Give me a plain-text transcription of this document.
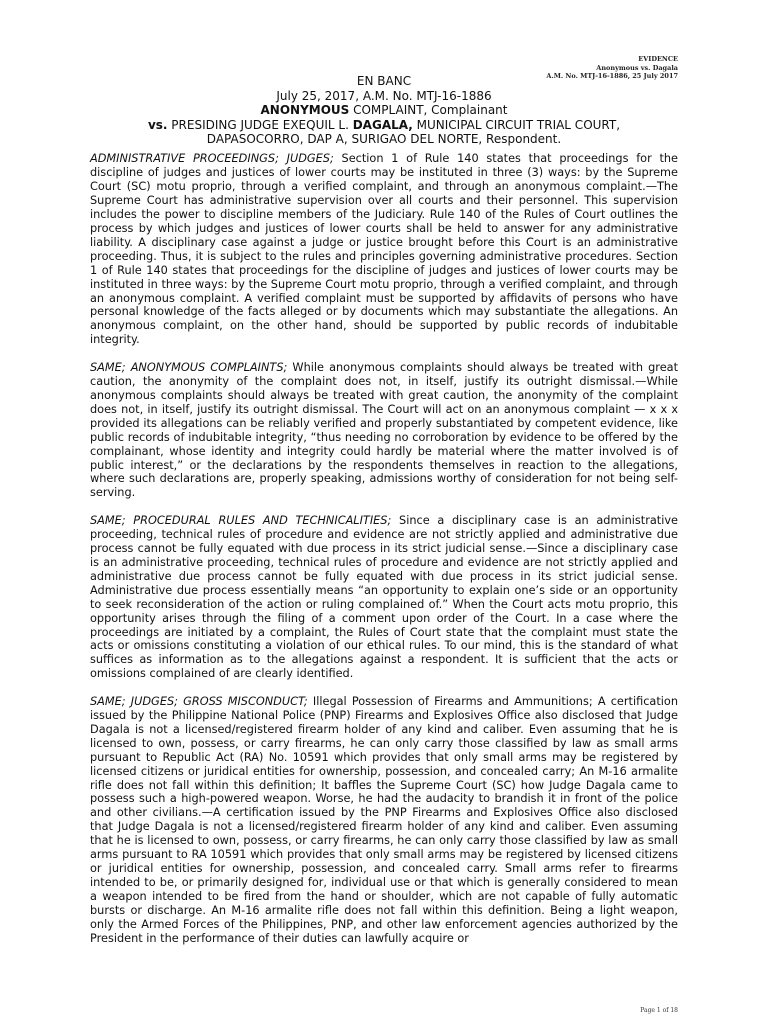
EVIDENCE
Anonymous vs. Dagala
A.M. No. MTJ-16-1886, 25 July 2017
EN BANC
July 25, 2017, A.M. No. MTJ-16-1886
ANONYMOUS COMPLAINT, Complainant
vs. PRESIDING JUDGE EXEQUIL L. DAGALA, MUNICIPAL CIRCUIT TRIAL COURT,
DAPASOCORRO, DAP A, SURIGAO DEL NORTE, Respondent.

ADMINISTRATIVE PROCEEDINGS; JUDGES; Section 1 of Rule 140 states that proceedings for the discipline of judges and justices of lower courts may be instituted in three (3) ways: by the Supreme Court (SC) motu proprio, through a verified complaint, and through an anonymous complaint.—The Supreme Court has administrative supervision over all courts and their personnel. This supervision includes the power to discipline members of the Judiciary. Rule 140 of the Rules of Court outlines the process by which judges and justices of lower courts shall be held to answer for any administrative liability. A disciplinary case against a judge or justice brought before this Court is an administrative proceeding. Thus, it is subject to the rules and principles governing administrative procedures. Section 1 of Rule 140 states that proceedings for the discipline of judges and justices of lower courts may be instituted in three ways: by the Supreme Court motu proprio, through a verified complaint, and through an anonymous complaint. A verified complaint must be supported by affidavits of persons who have personal knowledge of the facts alleged or by documents which may substantiate the allegations. An anonymous complaint, on the other hand, should be supported by public records of indubitable integrity.

SAME; ANONYMOUS COMPLAINTS; While anonymous complaints should always be treated with great caution, the anonymity of the complaint does not, in itself, justify its outright dismissal.—While anonymous complaints should always be treated with great caution, the anonymity of the complaint does not, in itself, justify its outright dismissal. The Court will act on an anonymous complaint — x x x provided its allegations can be reliably verified and properly substantiated by competent evidence, like public records of indubitable integrity, “thus needing no corroboration by evidence to be offered by the complainant, whose identity and integrity could hardly be material where the matter involved is of public interest,” or the declarations by the respondents themselves in reaction to the allegations, where such declarations are, properly speaking, admissions worthy of consideration for not being self-serving.

SAME; PROCEDURAL RULES AND TECHNICALITIES; Since a disciplinary case is an administrative proceeding, technical rules of procedure and evidence are not strictly applied and administrative due process cannot be fully equated with due process in its strict judicial sense.—Since a disciplinary case is an administrative proceeding, technical rules of procedure and evidence are not strictly applied and administrative due process cannot be fully equated with due process in its strict judicial sense. Administrative due process essentially means “an opportunity to explain one’s side or an opportunity to seek reconsideration of the action or ruling complained of.” When the Court acts motu proprio, this opportunity arises through the filing of a comment upon order of the Court. In a case where the proceedings are initiated by a complaint, the Rules of Court state that the complaint must state the acts or omissions constituting a violation of our ethical rules. To our mind, this is the standard of what suffices as information as to the allegations against a respondent. It is sufficient that the acts or omissions complained of are clearly identified.

SAME; JUDGES; GROSS MISCONDUCT; Illegal Possession of Firearms and Ammunitions; A certification issued by the Philippine National Police (PNP) Firearms and Explosives Office also disclosed that Judge Dagala is not a licensed/registered firearm holder of any kind and caliber. Even assuming that he is licensed to own, possess, or carry firearms, he can only carry those classified by law as small arms pursuant to Republic Act (RA) No. 10591 which provides that only small arms may be registered by licensed citizens or juridical entities for ownership, possession, and concealed carry; An M-16 armalite rifle does not fall within this definition; It baffles the Supreme Court (SC) how Judge Dagala came to possess such a high-powered weapon. Worse, he had the audacity to brandish it in front of the police and other civilians.—A certification issued by the PNP Firearms and Explosives Office also disclosed that Judge Dagala is not a licensed/registered firearm holder of any kind and caliber. Even assuming that he is licensed to own, possess, or carry firearms, he can only carry those classified by law as small arms pursuant to RA 10591 which provides that only small arms may be registered by licensed citizens or juridical entities for ownership, possession, and concealed carry. Small arms refer to firearms intended to be, or primarily designed for, individual use or that which is generally considered to mean a weapon intended to be fired from the hand or shoulder, which are not capable of fully automatic bursts or discharge. An M-16 armalite rifle does not fall within this definition. Being a light weapon, only the Armed Forces of the Philippines, PNP, and other law enforcement agencies authorized by the President in the performance of their duties can lawfully acquire or

Page 1 of 18
